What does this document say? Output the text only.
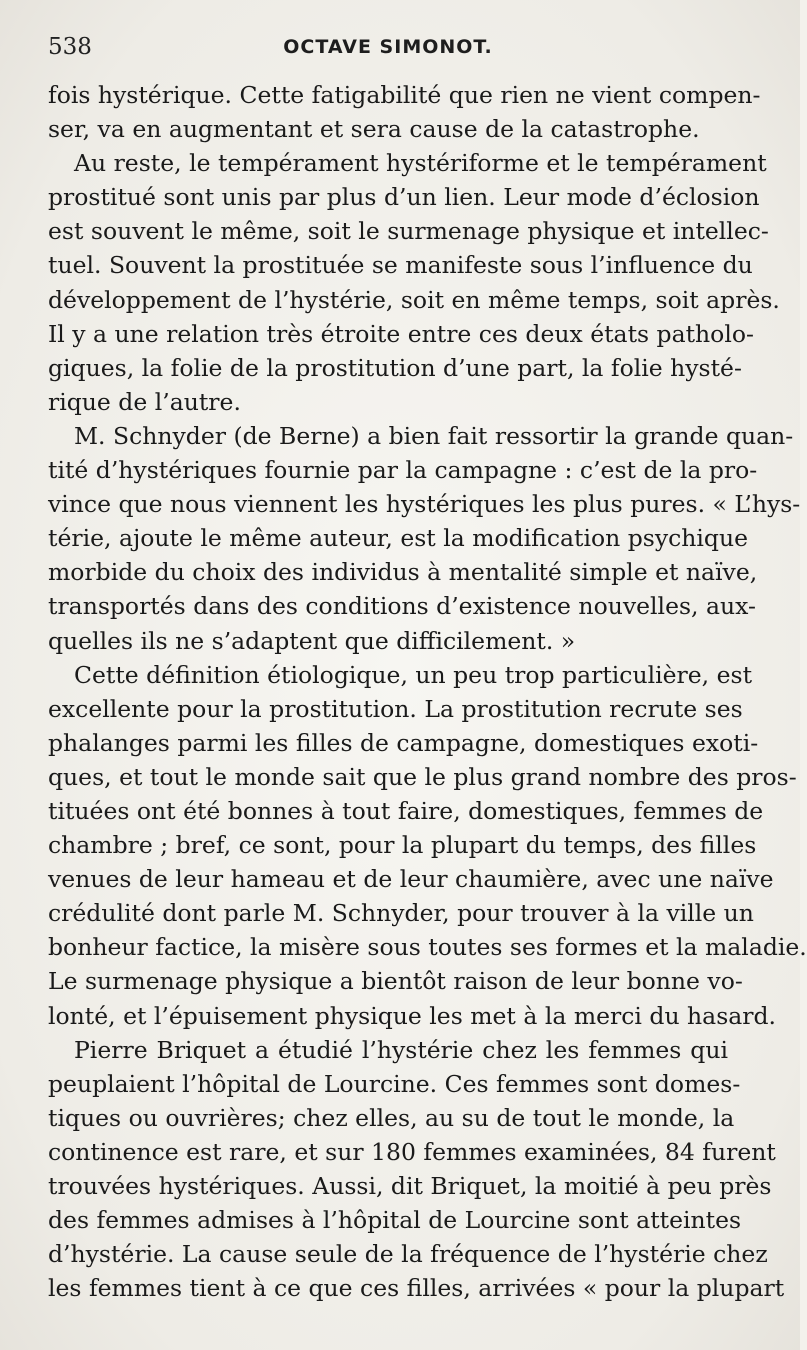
538	OCTAVE SIMONOT.
fois hystérique. Cette fatigabilité que rien ne vient compen-
ser, va en augmentant et sera cause de la catastrophe.
Au reste, le tempérament hystériforme et le tempérament
prostitué sont unis par plus d’un lien. Leur mode d’éclosion
est souvent le même, soit le surmenage physique et intellec-
tuel. Souvent la prostituée se manifeste sous l’influence du
développement de l’hystérie, soit en même temps, soit après.
Il y a une relation très étroite entre ces deux états patholo-
giques, la folie de la prostitution d’une part, la folie hysté-
rique de l’autre.
M. Schnyder (de Berne) a bien fait ressortir la grande quan-
tité d’hystériques fournie par la campagne : c’est de la pro-
vince que nous viennent les hystériques les plus pures. « L’hys-
térie, ajoute le même auteur, est la modification psychique
morbide du choix des individus à mentalité simple et naïve,
transportés dans des conditions d’existence nouvelles, aux-
quelles ils ne s’adaptent que difficilement. »
Cette définition étiologique, un peu trop particulière, est
excellente pour la prostitution. La prostitution recrute ses
phalanges parmi les filles de campagne, domestiques exoti-
ques, et tout le monde sait que le plus grand nombre des pros-
tituées ont été bonnes à tout faire, domestiques, femmes de
chambre ; bref, ce sont, pour la plupart du temps, des filles
venues de leur hameau et de leur chaumière, avec une naïve
crédulité dont parle M. Schnyder, pour trouver à la ville un
bonheur factice, la misère sous toutes ses formes et la maladie.
Le surmenage physique a bientôt raison de leur bonne vo-
lonté, et l’épuisement physique les met à la merci du hasard.
Pierre Briquet a étudié l’hystérie chez les femmes qui
peuplaient l’hôpital de Lourcine. Ces femmes sont domes-
tiques ou ouvrières; chez elles, au su de tout le monde, la
continence est rare, et sur 180 femmes examinées, 84 furent
trouvées hystériques. Aussi, dit Briquet, la moitié à peu près
des femmes admises à l’hôpital de Lourcine sont atteintes
d’hystérie. La cause seule de la fréquence de l’hystérie chez
les femmes tient à ce que ces filles, arrivées « pour la plupart
